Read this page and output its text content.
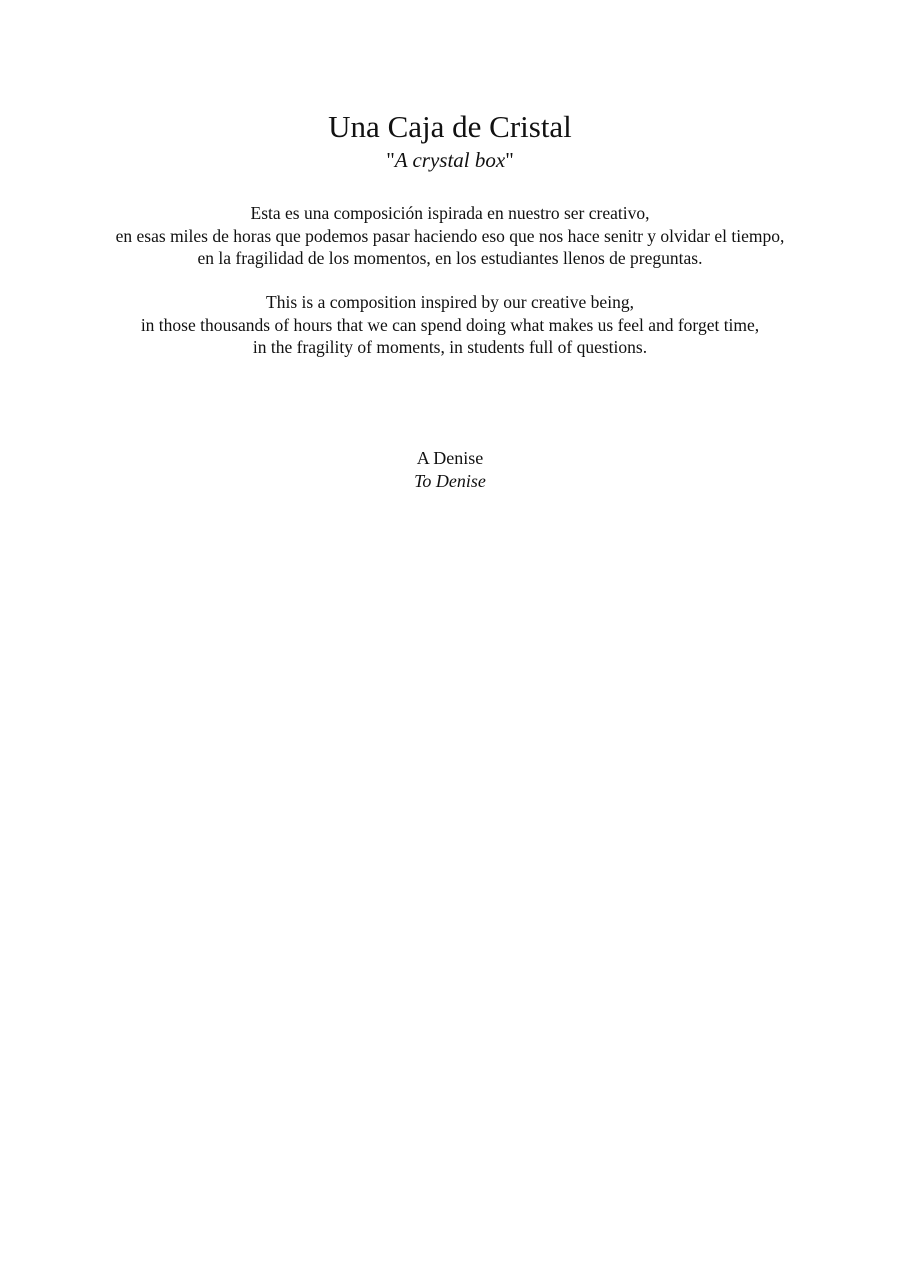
Una Caja de Cristal

"A crystal box"

Esta es una composición ispirada en nuestro ser creativo,
en esas miles de horas que podemos pasar haciendo eso que nos hace senitr y olvidar el tiempo,
en la fragilidad de los momentos, en los estudiantes llenos de preguntas.

This is a composition inspired by our creative being,
in those thousands of hours that we can spend doing what makes us feel and forget time,
in the fragility of moments, in students full of questions.

A Denise
To Denise
